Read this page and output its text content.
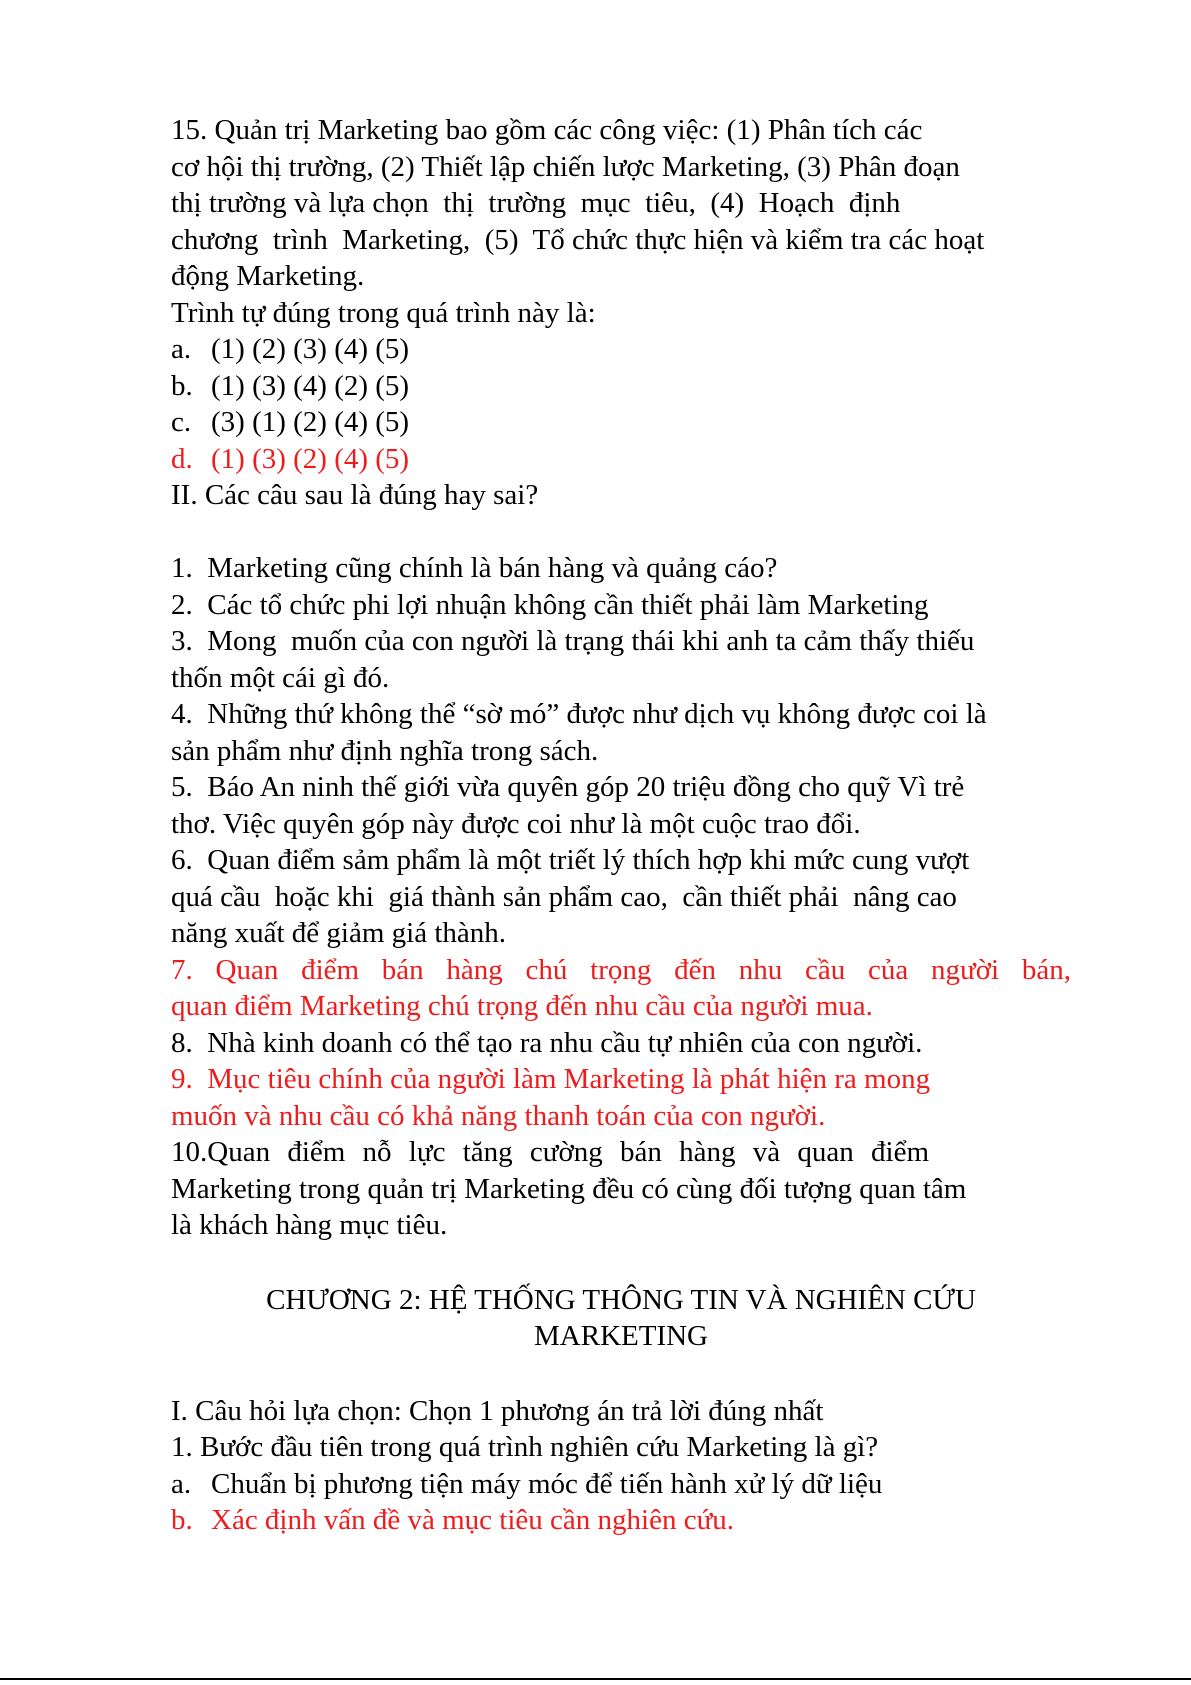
15. Quản trị Marketing bao gồm các công việc: (1) Phân tích các
cơ hội thị trường, (2) Thiết lập chiến lược Marketing, (3) Phân đoạn
thị trường và lựa chọn  thị  trường  mục  tiêu,  (4)  Hoạch  định
chương  trình  Marketing,  (5)  Tổ chức thực hiện và kiểm tra các hoạt
động Marketing.
Trình tự đúng trong quá trình này là:
a. (1) (2) (3) (4) (5)
b. (1) (3) (4) (2) (5)
c. (3) (1) (2) (4) (5)
d. (1) (3) (2) (4) (5)
II. Các câu sau là đúng hay sai?
1.  Marketing cũng chính là bán hàng và quảng cáo?
2.  Các tổ chức phi lợi nhuận không cần thiết phải làm Marketing
3.  Mong  muốn của con người là trạng thái khi anh ta cảm thấy thiếu
thốn một cái gì đó.
4.  Những thứ không thể “sờ mó” được như dịch vụ không được coi là
sản phẩm như định nghĩa trong sách.
5.  Báo An ninh thế giới vừa quyên góp 20 triệu đồng cho quỹ Vì trẻ
thơ. Việc quyên góp này được coi như là một cuộc trao đổi.
6.  Quan điểm sảm phẩm là một triết lý thích hợp khi mức cung vượt
quá cầu  hoặc khi  giá thành sản phẩm cao,  cần thiết phải  nâng cao
năng xuất để giảm giá thành.
7. Quan điểm bán hàng chú trọng đến nhu cầu của người bán,
quan điểm Marketing chú trọng đến nhu cầu của người mua.
8.  Nhà kinh doanh có thể tạo ra nhu cầu tự nhiên của con người.
9.  Mục tiêu chính của người làm Marketing là phát hiện ra mong
muốn và nhu cầu có khả năng thanh toán của con người.
10.Quan điểm nỗ lực tăng cường bán hàng và quan điểm
Marketing trong quản trị Marketing đều có cùng đối tượng quan tâm
là khách hàng mục tiêu.
CHƯƠNG 2: HỆ THỐNG THÔNG TIN VÀ NGHIÊN CỨU
MARKETING
I. Câu hỏi lựa chọn: Chọn 1 phương án trả lời đúng nhất
1. Bước đầu tiên trong quá trình nghiên cứu Marketing là gì?
a. Chuẩn bị phương tiện máy móc để tiến hành xử lý dữ liệu
b. Xác định vấn đề và mục tiêu cần nghiên cứu.
